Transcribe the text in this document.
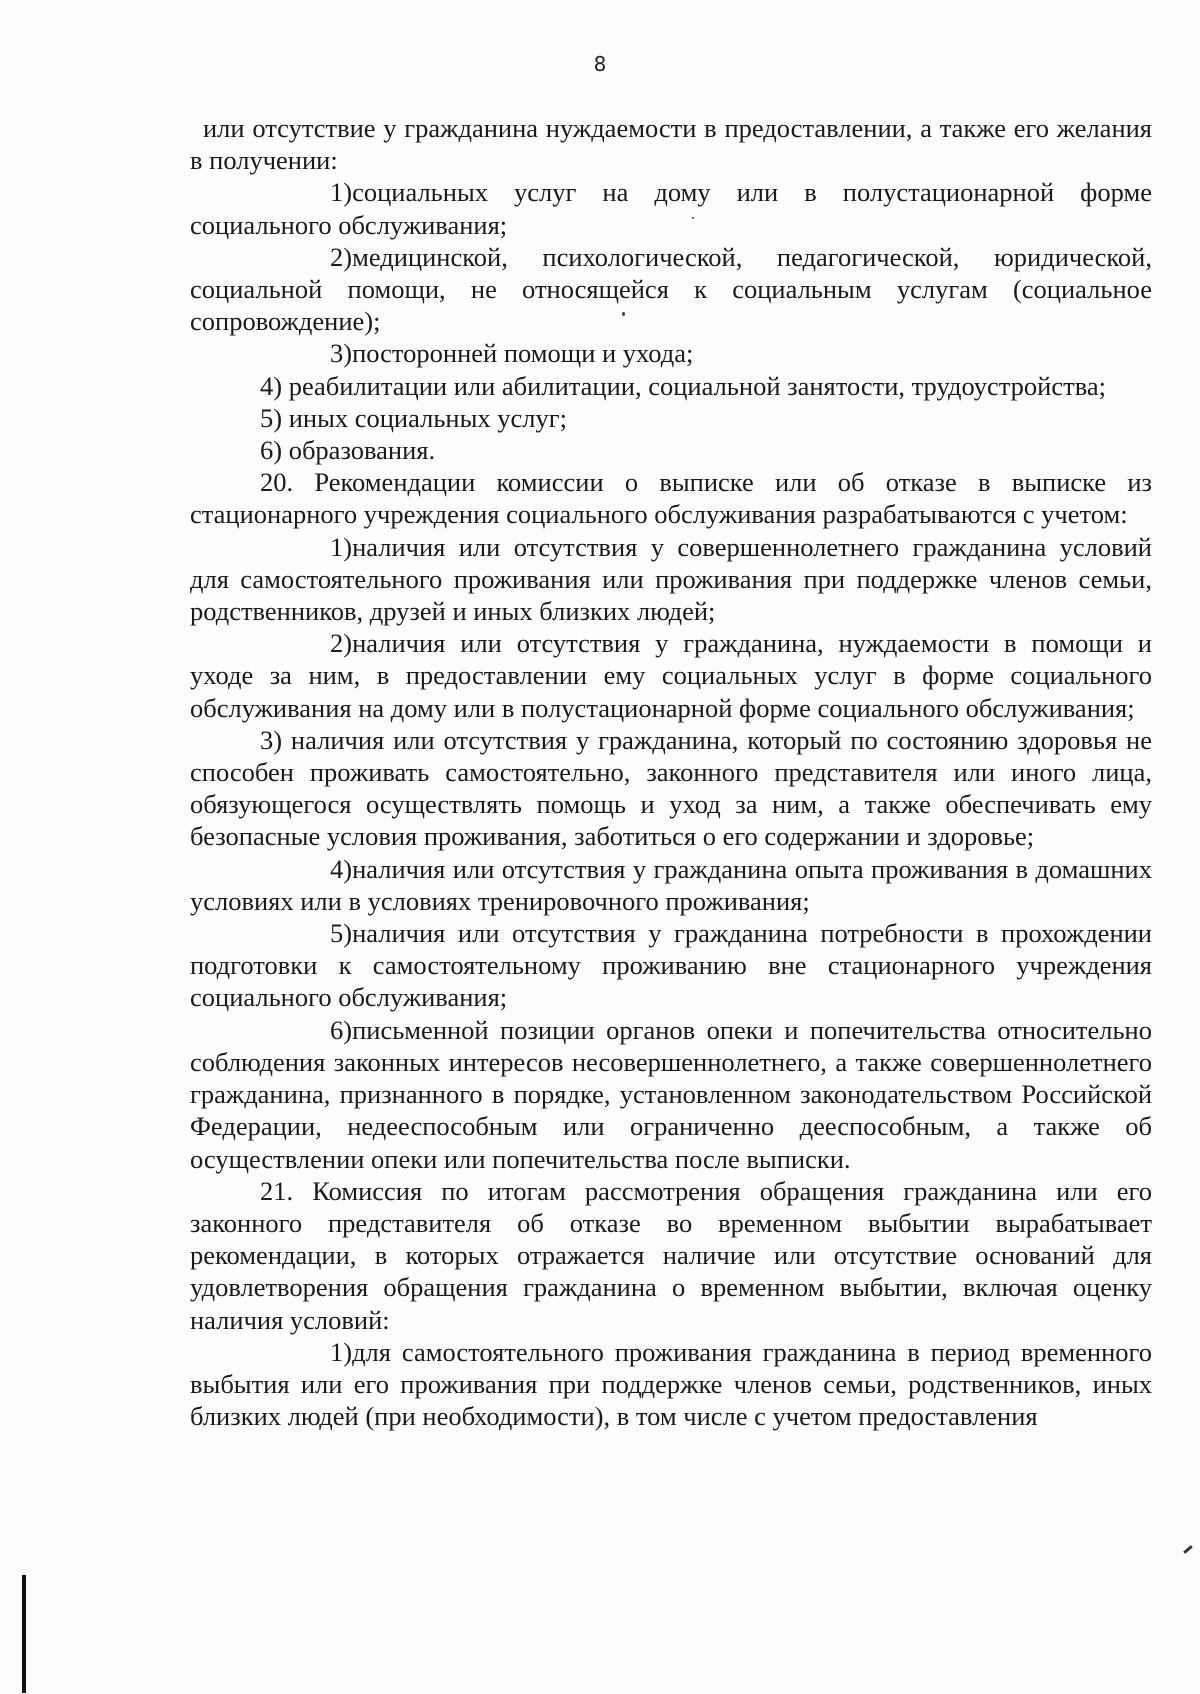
8

или отсутствие у гражданина нуждаемости в предоставлении, а также его желания в получении:

1)социальных услуг на дому или в полустационарной форме социального обслуживания;

2)медицинской, психологической, педагогической, юридической, социальной помощи, не относящейся к социальным услугам (социальное сопровождение);

3)посторонней помощи и ухода;

4) реабилитации или абилитации, социальной занятости, трудоустройства;

5) иных социальных услуг;

6) образования.

20. Рекомендации комиссии о выписке или об отказе в выписке из стационарного учреждения социального обслуживания разрабатываются с учетом:

1)наличия или отсутствия у совершеннолетнего гражданина условий для самостоятельного проживания или проживания при поддержке членов семьи, родственников, друзей и иных близких людей;

2)наличия или отсутствия у гражданина, нуждаемости в помощи и уходе за ним, в предоставлении ему социальных услуг в форме социального обслуживания на дому или в полустационарной форме социального обслуживания;

3) наличия или отсутствия у гражданина, который по состоянию здоровья не способен проживать самостоятельно, законного представителя или иного лица, обязующегося осуществлять помощь и уход за ним, а также обеспечивать ему безопасные условия проживания, заботиться о его содержании и здоровье;

4)наличия или отсутствия у гражданина опыта проживания в домашних условиях или в условиях тренировочного проживания;

5)наличия или отсутствия у гражданина потребности в прохождении подготовки к самостоятельному проживанию вне стационарного учреждения социального обслуживания;

6)письменной позиции органов опеки и попечительства относительно соблюдения законных интересов несовершеннолетнего, а также совершеннолетнего гражданина, признанного в порядке, установленном законодательством Российской Федерации, недееспособным или ограниченно дееспособным, а также об осуществлении опеки или попечительства после выписки.

21. Комиссия по итогам рассмотрения обращения гражданина или его законного представителя об отказе во временном выбытии вырабатывает рекомендации, в которых отражается наличие или отсутствие оснований для удовлетворения обращения гражданина о временном выбытии, включая оценку наличия условий:

1)для самостоятельного проживания гражданина в период временного выбытия или его проживания при поддержке членов семьи, родственников, иных близких людей (при необходимости), в том числе с учетом предоставления
